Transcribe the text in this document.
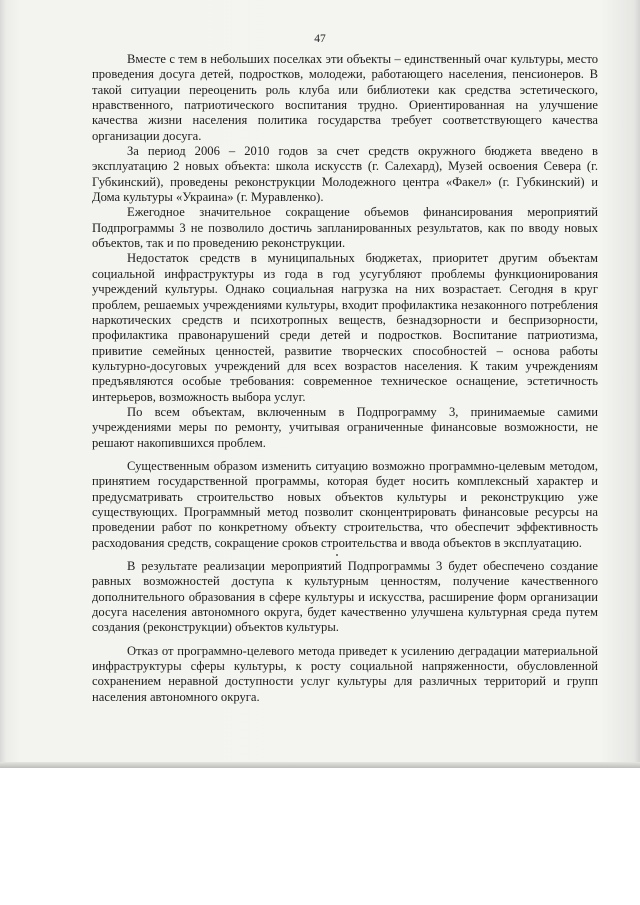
47

Вместе с тем в небольших поселках эти объекты – единственный очаг культуры, место проведения досуга детей, подростков, молодежи, работающего населения, пенсионеров. В такой ситуации переоценить роль клуба или библиотеки как средства эстетического, нравственного, патриотического воспитания трудно. Ориентированная на улучшение качества жизни населения политика государства требует соответствующего качества организации досуга.

За период 2006 – 2010 годов за счет средств окружного бюджета введено в эксплуатацию 2 новых объекта: школа искусств (г. Салехард), Музей освоения Севера (г. Губкинский), проведены реконструкции Молодежного центра «Факел» (г. Губкинский) и Дома культуры «Украина» (г. Муравленко).

Ежегодное значительное сокращение объемов финансирования мероприятий Подпрограммы 3 не позволило достичь запланированных результатов, как по вводу новых объектов, так и по проведению реконструкции.

Недостаток средств в муниципальных бюджетах, приоритет другим объектам социальной инфраструктуры из года в год усугубляют проблемы функционирования учреждений культуры. Однако социальная нагрузка на них возрастает. Сегодня в круг проблем, решаемых учреждениями культуры, входит профилактика незаконного потребления наркотических средств и психотропных веществ, безнадзорности и беспризорности, профилактика правонарушений среди детей и подростков. Воспитание патриотизма, привитие семейных ценностей, развитие творческих способностей – основа работы культурно-досуговых учреждений для всех возрастов населения. К таким учреждениям предъявляются особые требования: современное техническое оснащение, эстетичность интерьеров, возможность выбора услуг.

По всем объектам, включенным в Подпрограмму 3, принимаемые самими учреждениями меры по ремонту, учитывая ограниченные финансовые возможности, не решают накопившихся проблем.

Существенным образом изменить ситуацию возможно программно-целевым методом, принятием государственной программы, которая будет носить комплексный характер и предусматривать строительство новых объектов культуры и реконструкцию уже существующих. Программный метод позволит сконцентрировать финансовые ресурсы на проведении работ по конкретному объекту строительства, что обеспечит эффективность расходования средств, сокращение сроков строительства и ввода объектов в эксплуатацию.

В результате реализации мероприятий Подпрограммы 3 будет обеспечено создание равных возможностей доступа к культурным ценностям, получение качественного дополнительного образования в сфере культуры и искусства, расширение форм организации досуга населения автономного округа, будет качественно улучшена культурная среда путем создания (реконструкции) объектов культуры.

Отказ от программно-целевого метода приведет к усилению деградации материальной инфраструктуры сферы культуры, к росту социальной напряженности, обусловленной сохранением неравной доступности услуг культуры для различных территорий и групп населения автономного округа.
